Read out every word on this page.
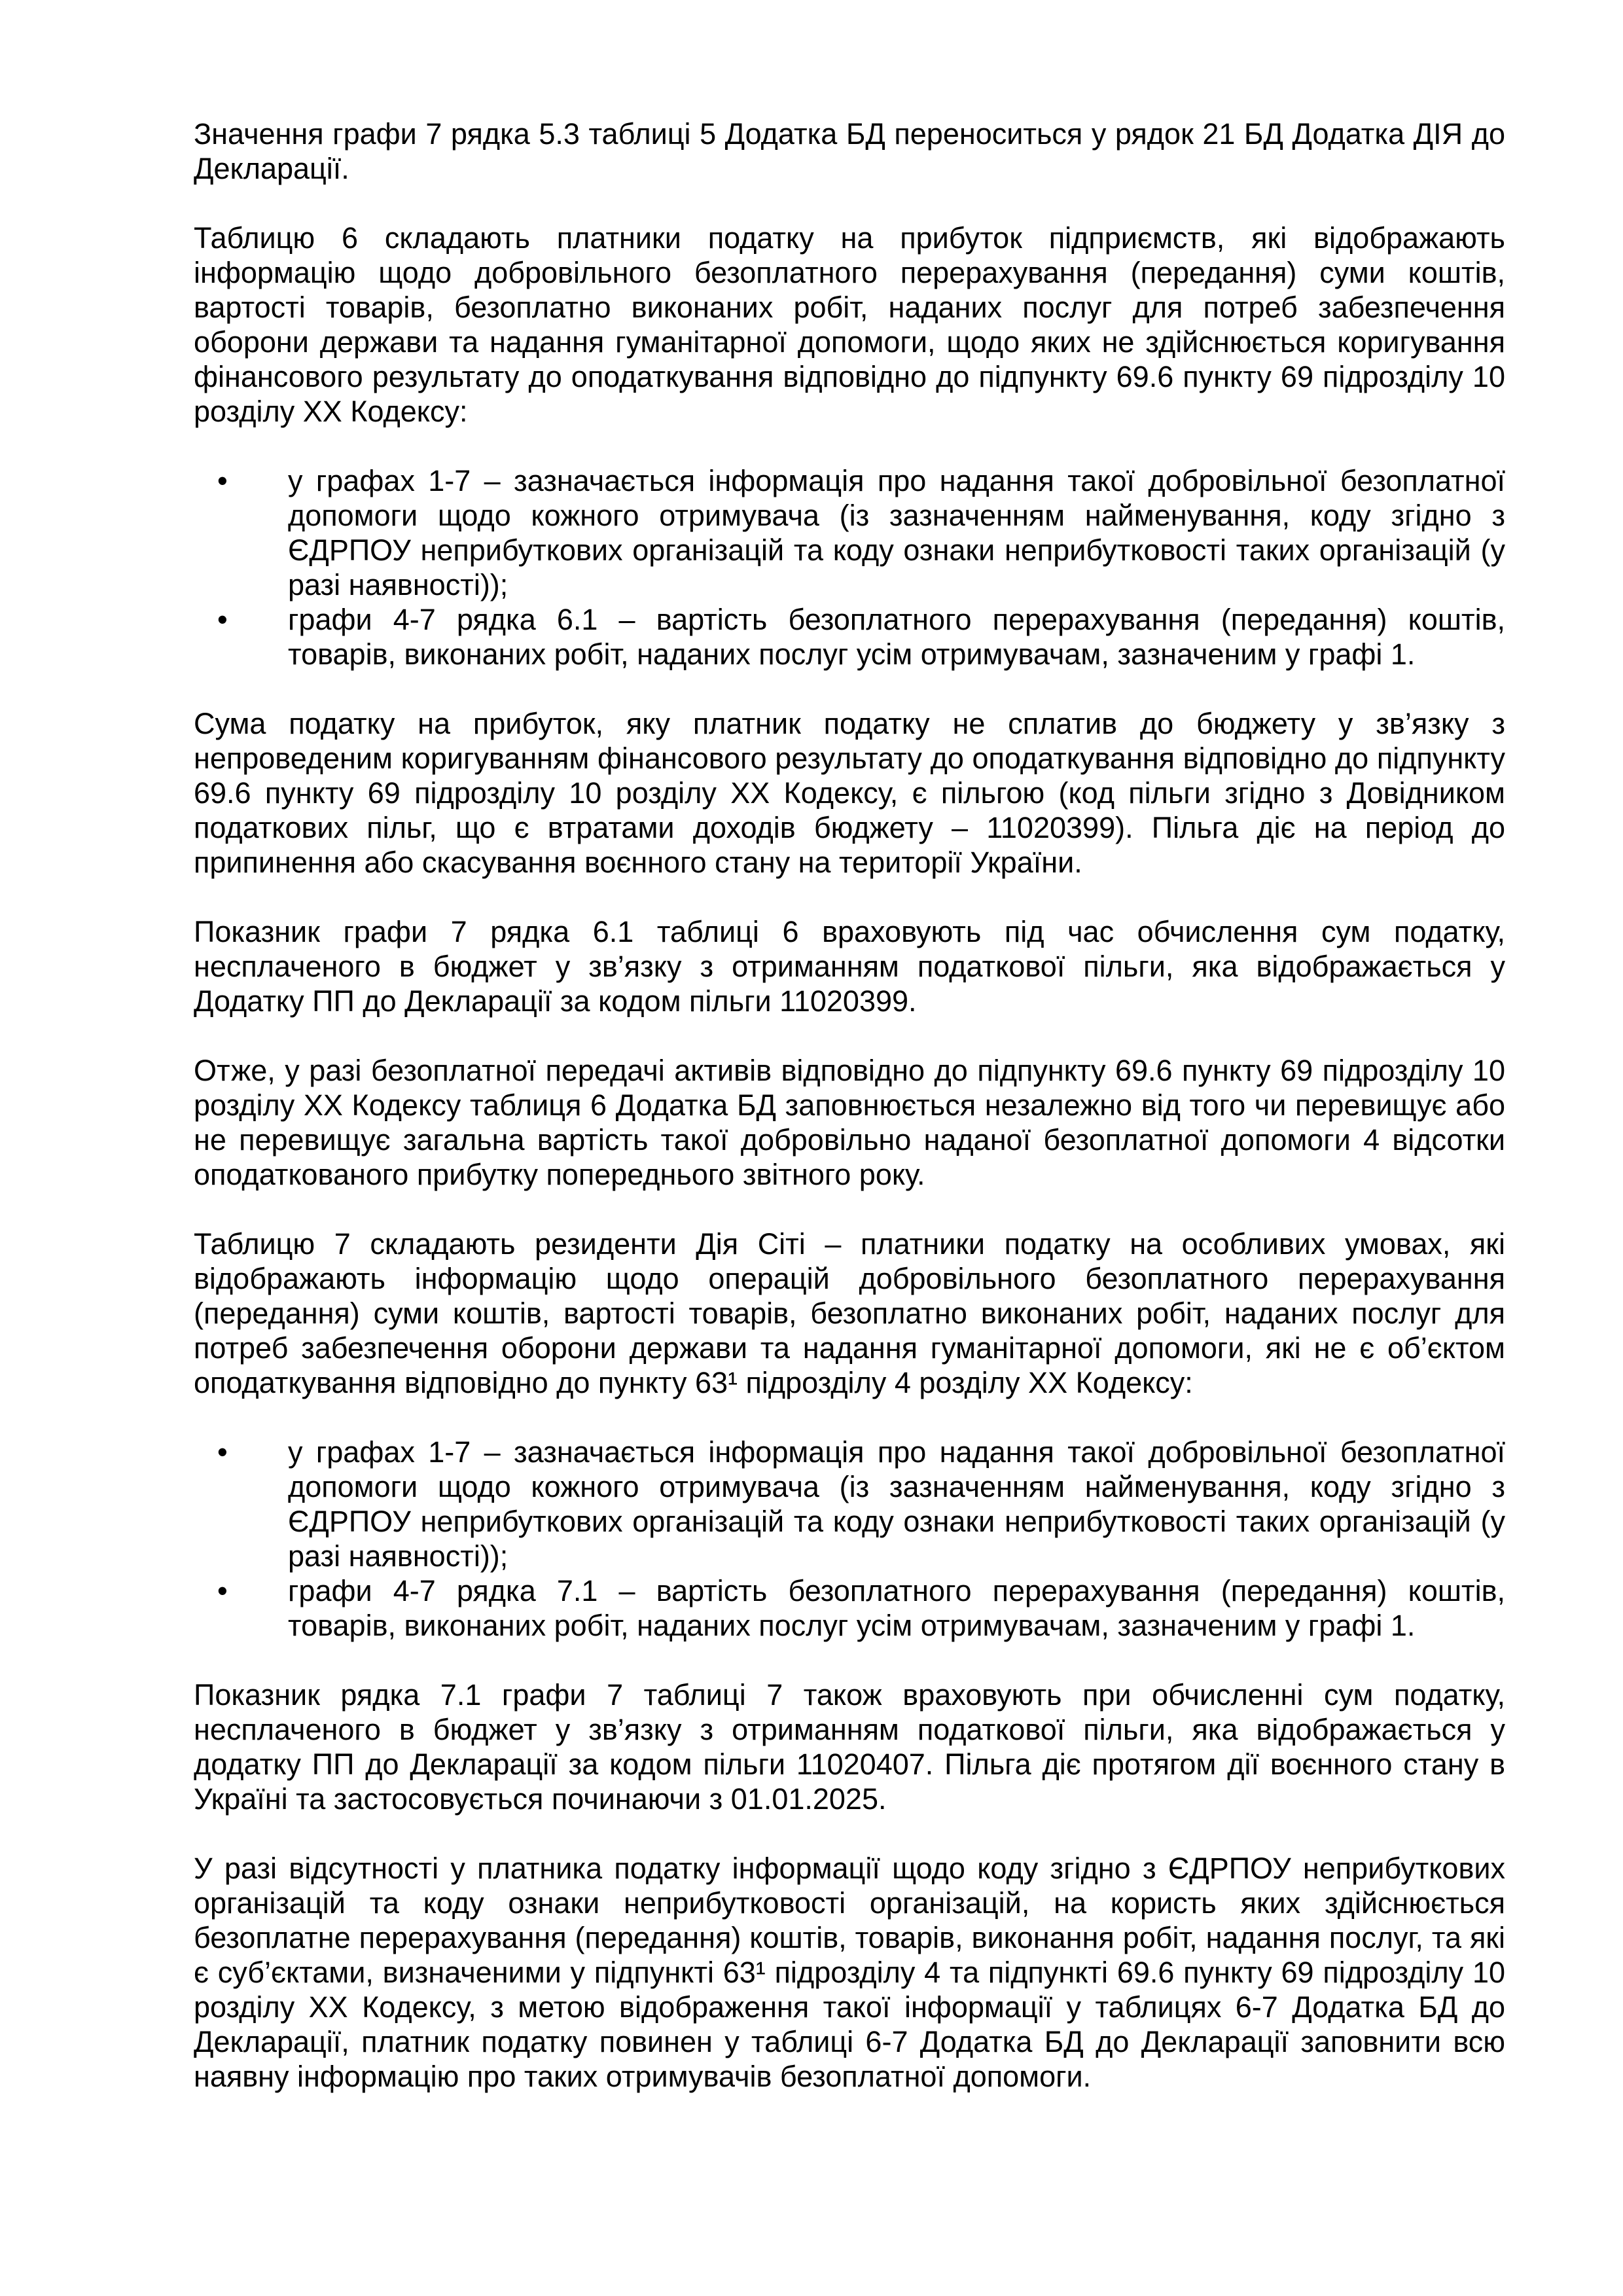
Значення графи 7 рядка 5.3 таблиці 5 Додатка БД переноситься у рядок 21 БД Додатка ДІЯ до Декларації.

Таблицю 6 складають платники податку на прибуток підприємств, які відображають інформацію щодо добровільного безоплатного перерахування (передання) суми коштів, вартості товарів, безоплатно виконаних робіт, наданих послуг для потреб забезпечення оборони держави та надання гуманітарної допомоги, щодо яких не здійснюється коригування фінансового результату до оподаткування відповідно до підпункту 69.6 пункту 69 підрозділу 10 розділу ХХ Кодексу:

• у графах 1-7 – зазначається інформація про надання такої добровільної безоплатної допомоги щодо кожного отримувача (із зазначенням найменування, коду згідно з ЄДРПОУ неприбуткових організацій та коду ознаки неприбутковості таких організацій (у разі наявності));
• графи 4-7 рядка 6.1 – вартість безоплатного перерахування (передання) коштів, товарів, виконаних робіт, наданих послуг усім отримувачам, зазначеним у графі 1.

Сума податку на прибуток, яку платник податку не сплатив до бюджету у зв’язку з непроведеним коригуванням фінансового результату до оподаткування відповідно до підпункту 69.6 пункту 69 підрозділу 10 розділу ХХ Кодексу, є пільгою (код пільги згідно з Довідником податкових пільг, що є втратами доходів бюджету – 11020399). Пільга діє на період до припинення або скасування воєнного стану на території України.

Показник графи 7 рядка 6.1 таблиці 6 враховують під час обчислення сум податку, несплаченого в бюджет у зв’язку з отриманням податкової пільги, яка відображається у Додатку ПП до Декларації за кодом пільги 11020399.

Отже, у разі безоплатної передачі активів відповідно до підпункту 69.6 пункту 69 підрозділу 10 розділу ХХ Кодексу таблиця 6 Додатка БД заповнюється незалежно від того чи перевищує або не перевищує загальна вартість такої добровільно наданої безоплатної допомоги 4 відсотки оподаткованого прибутку попереднього звітного року.

Таблицю 7 складають резиденти Дія Сіті – платники податку на особливих умовах, які відображають інформацію щодо операцій добровільного безоплатного перерахування (передання) суми коштів, вартості товарів, безоплатно виконаних робіт, наданих послуг для потреб забезпечення оборони держави та надання гуманітарної допомоги, які не є об’єктом оподаткування відповідно до пункту 63¹ підрозділу 4 розділу ХХ Кодексу:

• у графах 1-7 – зазначається інформація про надання такої добровільної безоплатної допомоги щодо кожного отримувача (із зазначенням найменування, коду згідно з ЄДРПОУ неприбуткових організацій та коду ознаки неприбутковості таких організацій (у разі наявності));
• графи 4-7 рядка 7.1 – вартість безоплатного перерахування (передання) коштів, товарів, виконаних робіт, наданих послуг усім отримувачам, зазначеним у графі 1.

Показник рядка 7.1 графи 7 таблиці 7 також враховують при обчисленні сум податку, несплаченого в бюджет у зв’язку з отриманням податкової пільги, яка відображається у додатку ПП до Декларації за кодом пільги 11020407. Пільга діє протягом дії воєнного стану в Україні та застосовується починаючи з 01.01.2025.

У разі відсутності у платника податку інформації щодо коду згідно з ЄДРПОУ неприбуткових організацій та коду ознаки неприбутковості організацій, на користь яких здійснюється безоплатне перерахування (передання) коштів, товарів, виконання робіт, надання послуг, та які є суб’єктами, визначеними у підпункті 63¹ підрозділу 4 та підпункті 69.6 пункту 69 підрозділу 10 розділу ХХ Кодексу, з метою відображення такої інформації у таблицях 6-7 Додатка БД до Декларації, платник податку повинен у таблиці 6-7 Додатка БД до Декларації заповнити всю наявну інформацію про таких отримувачів безоплатної допомоги.
